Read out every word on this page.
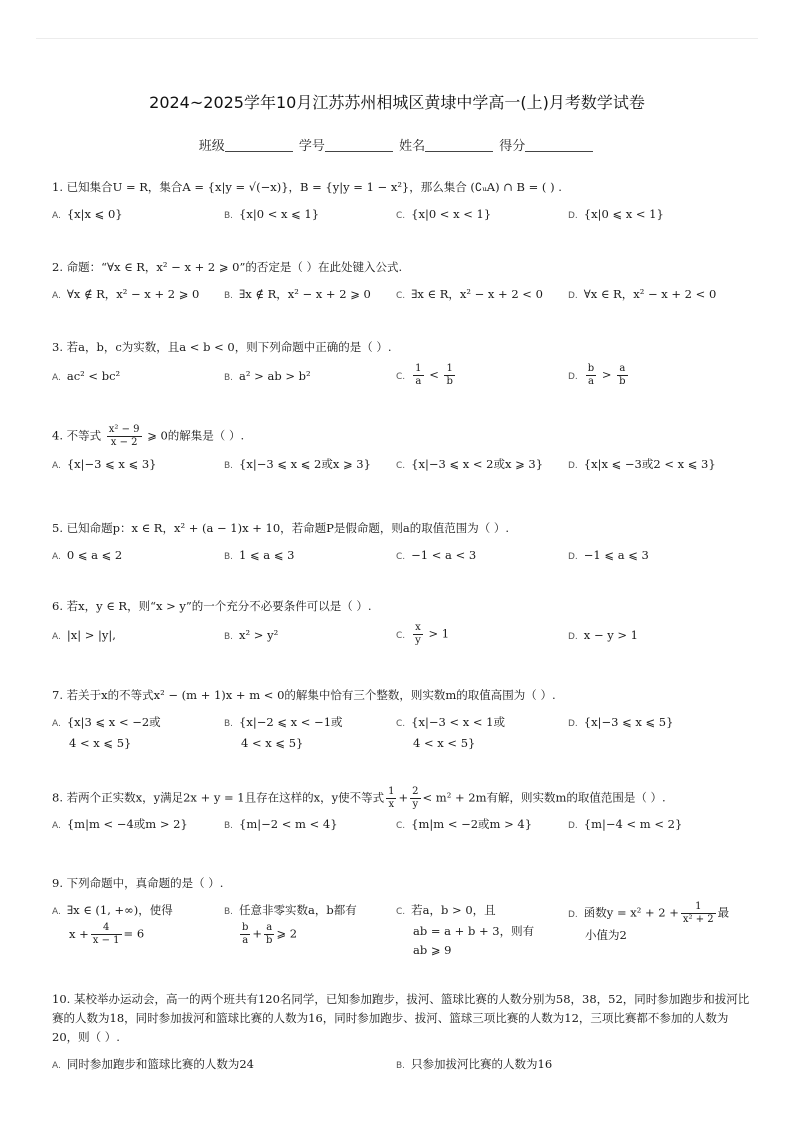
2024~2025学年10月江苏苏州相城区黄埭中学高一(上)月考数学试卷
班级	学号	姓名	得分
1. 已知集合U = R，集合A = {x|y = √(−x)}，B = {y|y = 1 − x²}，那么集合 (∁ᵤA) ∩ B = ( ) .
A. {x|x ⩽ 0}	B. {x|0 < x ⩽ 1}	C. {x|0 < x < 1}	D. {x|0 ⩽ x < 1}
2. 命题：“∀x ∈ R，x² − x + 2 ⩾ 0”的否定是（ ）在此处键入公式.
A. ∀x ∉ R，x² − x + 2 ⩾ 0	B. ∃x ∉ R，x² − x + 2 ⩾ 0	C. ∃x ∈ R，x² − x + 2 < 0	D. ∀x ∈ R，x² − x + 2 < 0
3. 若a，b，c为实数，且a < b < 0，则下列命题中正确的是（ ）.
A. ac² < bc²	B. a² > ab > b²	C. $\frac{1}{a} < \frac{1}{b}$	D. $\frac{b}{a} > \frac{a}{b}$
4. 不等式 $\frac{\text{x² − 9}}{x - 2}$ ⩾ 0的解集是（ ）.
A. {x|−3 ⩽ x ⩽ 3}	B. {x|−3 ⩽ x ⩽ 2或x ⩾ 3}	C. {x|−3 ⩽ x < 2或x ⩾ 3}	D. {x|x ⩽ −3或2 < x ⩽ 3}
5. 已知命题p：x ∈ R，x² + (a − 1)x + 10，若命题P是假命题，则a的取值范围为（ ）.
A. 0 ⩽ a ⩽ 2	B. 1 ⩽ a ⩽ 3	C. −1 < a < 3	D. −1 ⩽ a ⩽ 3
6. 若x，y ∈ R，则“x > y”的一个充分不必要条件可以是（ ）.
A. |x| > |y|,	B. x² > y²	C. $\frac{x}{y} > 1$	D. x − y > 1
7. 若关于x的不等式x² − (m + 1)x + m < 0的解集中恰有三个整数，则实数m的取值高围为（ ）.
A. {x|3 ⩽ x < −2或
4 < x ⩽ 5}
B. {x|−2 ⩽ x < −1或
4 < x ⩽ 5}
C. {x|−3 < x < 1或
4 < x < 5}
D. {x|−3 ⩽ x ⩽ 5}
8. 若两个正实数x，y满足2x + y = 1且存在这样的x，y使不等式 $\frac{1}{x} + \frac{2}{y} < m^2 + 2m$有解，则实数m的取值范围是（ ）.
A. {m|m < −4或m > 2}	B. {m|−2 < m < 4}	C. {m|m < −2或m > 4}	D. {m|−4 < m < 2}
9. 下列命题中，真命题的是（ ）.
A. ∃x ∈ (1, +∞)，使得
$x + \frac{4}{x - 1} = 6$
B. 任意非零实数a，b都有

$\frac{b}{a} + \frac{a}{b}$ ⩾ 2
C. 若a，b > 0，且
ab = a + b + 3，则有
ab ⩾ 9
D. 函数$y = x^2 + 2 + \frac{1}{\text{x² + 2}}$ 最
小值为2
10. 某校举办运动会，高一的两个班共有120名同学，已知参加跑步，拔河、篮球比赛的人数分别为58，38，52，同时参加跑步和拔河比赛的人数为18，同时参加拔河和篮球比赛的人数为16，同时参加跑步、拔河、篮球三项比赛的人数为12，三项比赛都不参加的人数为20，则（ ）.
A. 同时参加跑步和篮球比赛的人数为24	B. 只参加拔河比赛的人数为16
